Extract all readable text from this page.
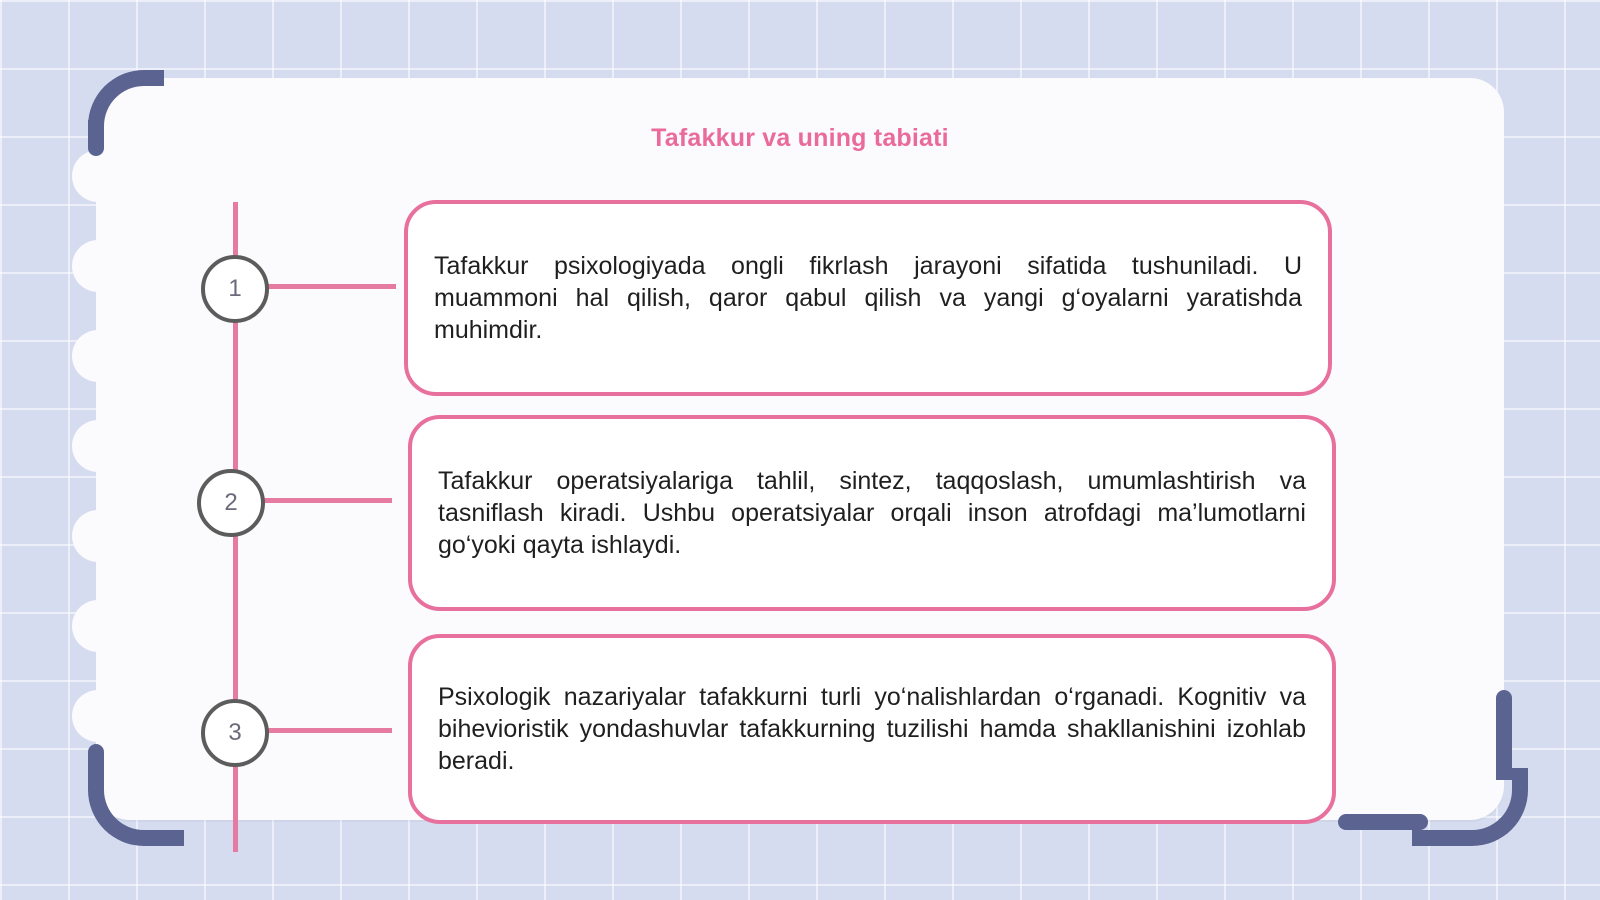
Tafakkur va uning tabiati
1

Tafakkur psixologiyada ongli fikrlash jarayoni sifatida tushuniladi. U muammoni hal qilish, qaror qabul qilish va yangi g‘oyalarni yaratishda muhimdir.

2

Tafakkur operatsiyalariga tahlil, sintez, taqqoslash, umumlashtirish va tasniflash kiradi. Ushbu operatsiyalar orqali inson atrofdagi ma’lumotlarni go‘yoki qayta ishlaydi.

3

Psixologik nazariyalar tafakkurni turli yo‘nalishlardan o‘rganadi. Kognitiv va bihevioristik yondashuvlar tafakkurning tuzilishi hamda shakllanishini izohlab beradi.
